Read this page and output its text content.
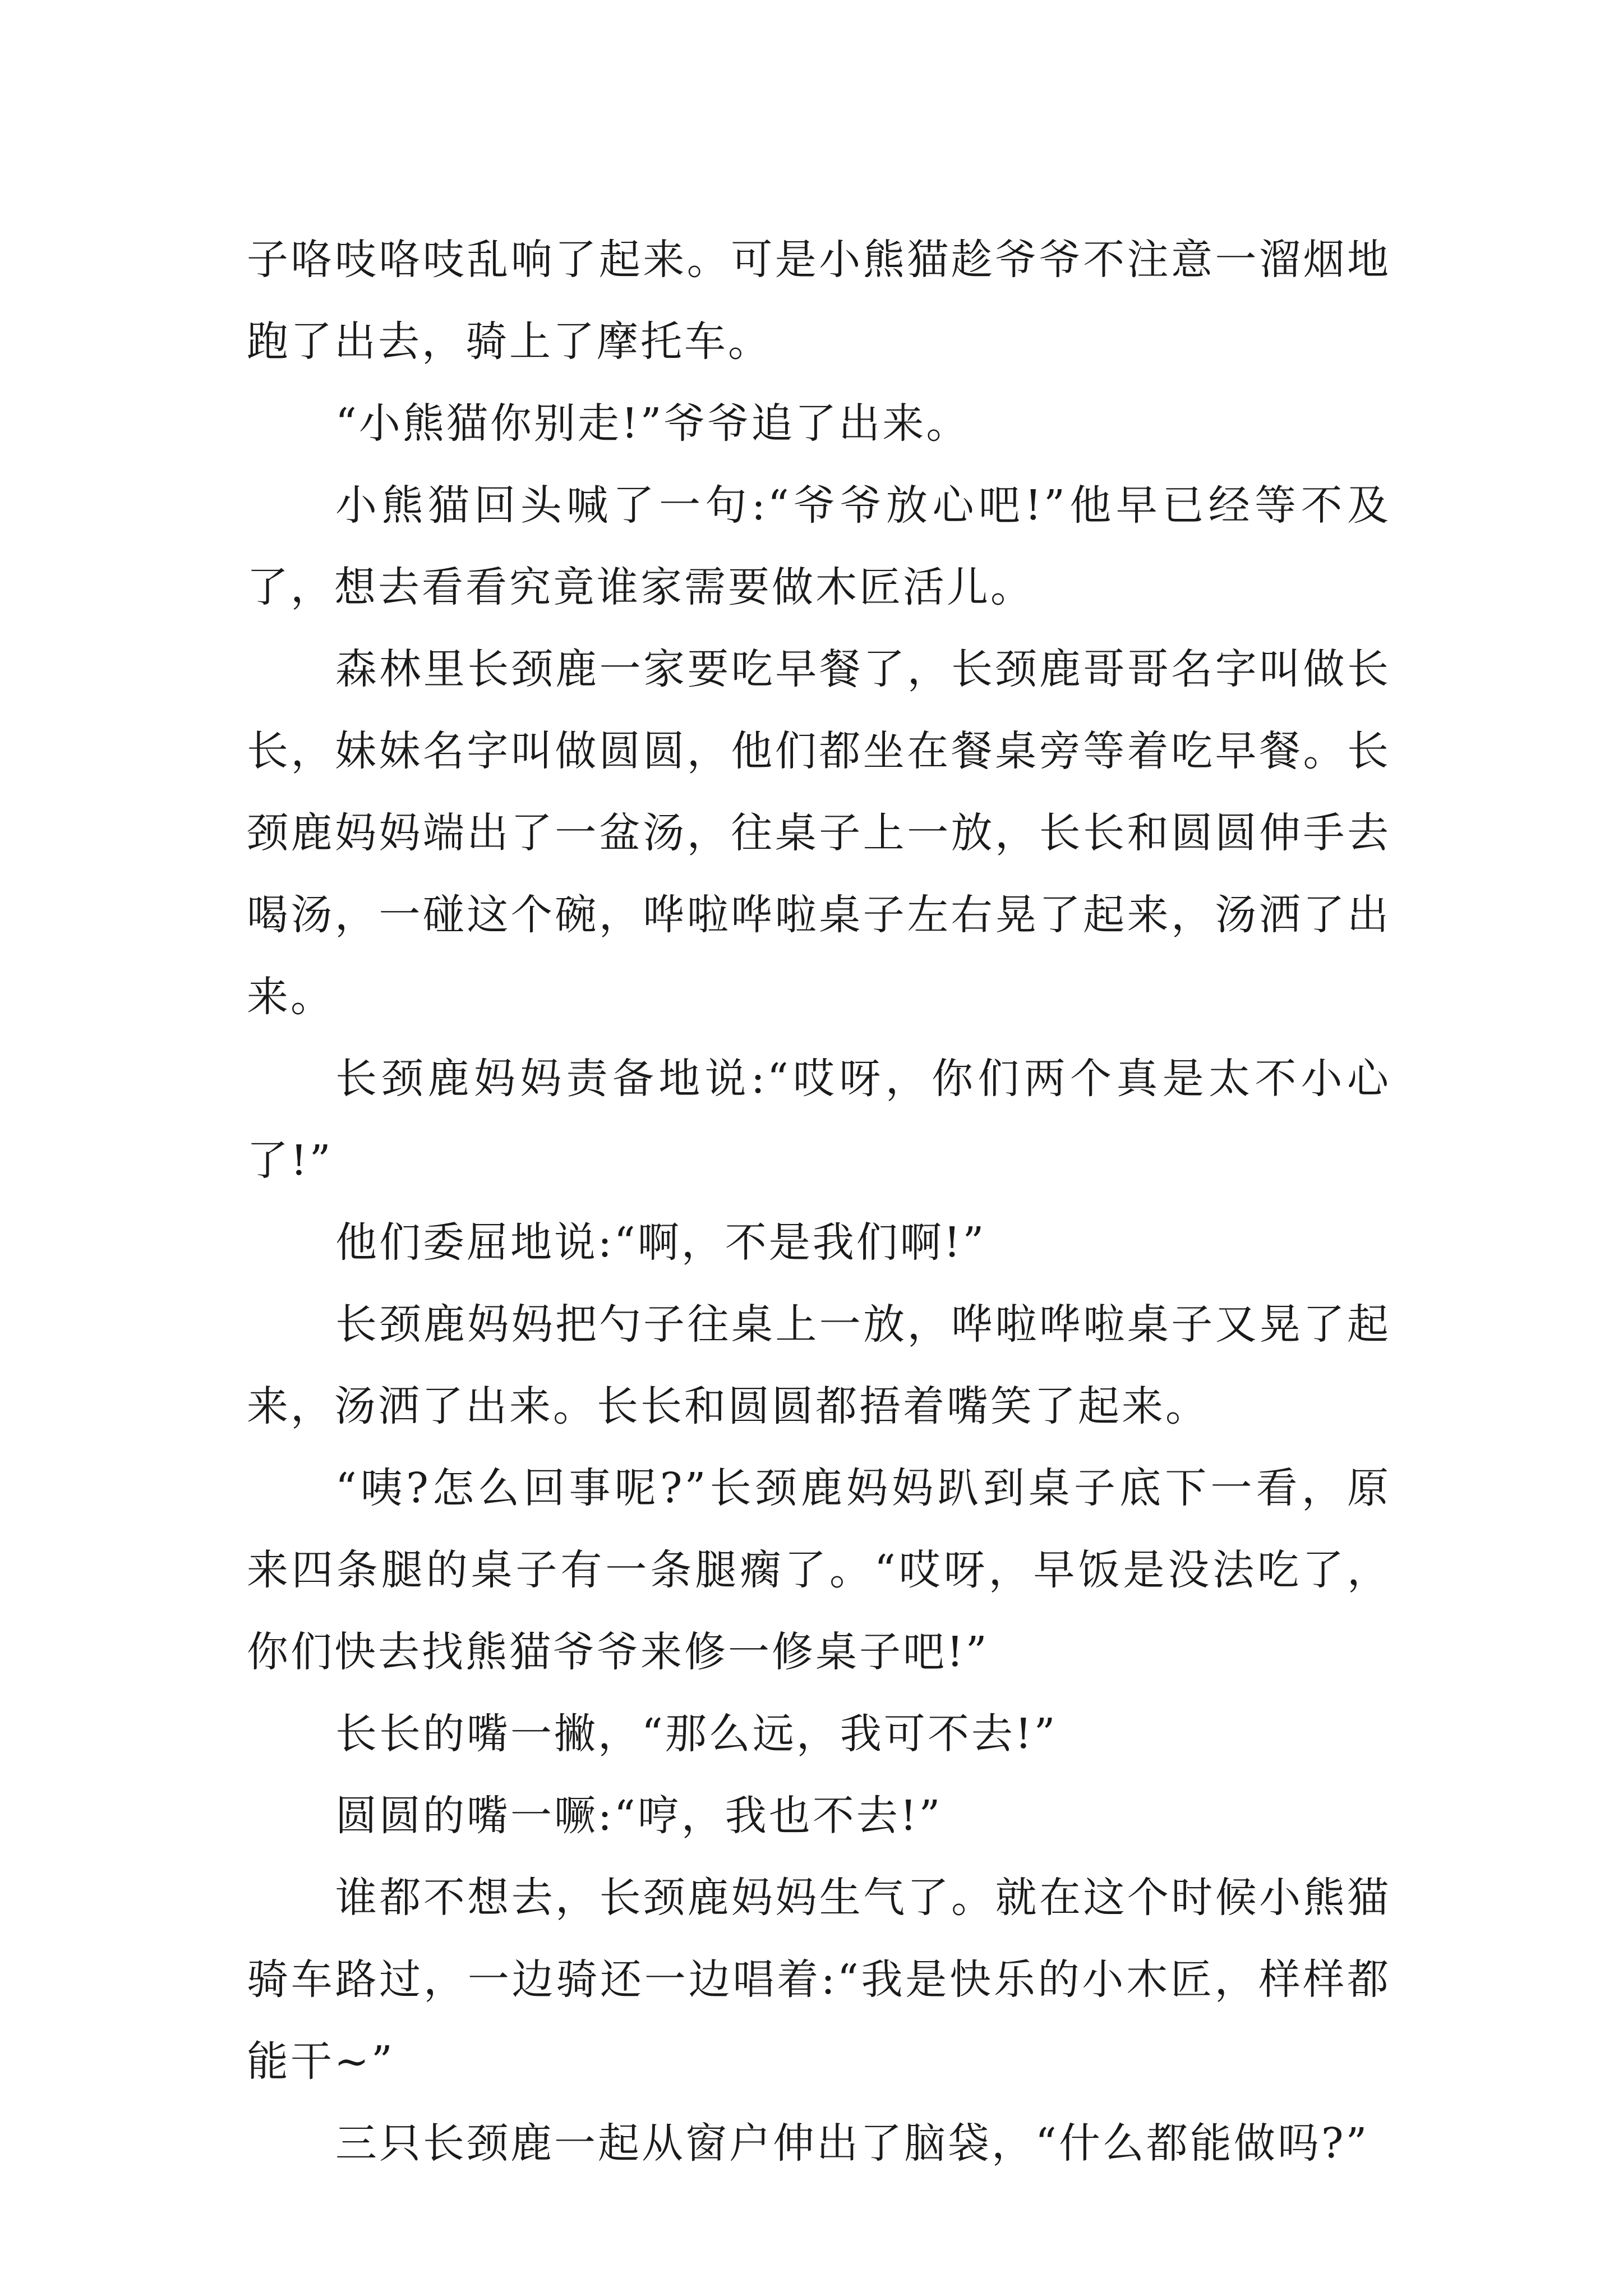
子咯吱咯吱乱响了起来。可是小熊猫趁爷爷不注意一溜烟地跑了出去，骑上了摩托车。

“小熊猫你别走!”爷爷追了出来。

小熊猫回头喊了一句:“爷爷放心吧!”他早已经等不及了，想去看看究竟谁家需要做木匠活儿。

森林里长颈鹿一家要吃早餐了，长颈鹿哥哥名字叫做长长，妹妹名字叫做圆圆，他们都坐在餐桌旁等着吃早餐。长颈鹿妈妈端出了一盆汤，往桌子上一放，长长和圆圆伸手去喝汤，一碰这个碗，哗啦哗啦桌子左右晃了起来，汤洒了出来。

长颈鹿妈妈责备地说:“哎呀，你们两个真是太不小心了!”

他们委屈地说:“啊，不是我们啊!”

长颈鹿妈妈把勺子往桌上一放，哗啦哗啦桌子又晃了起来，汤洒了出来。长长和圆圆都捂着嘴笑了起来。

“咦?怎么回事呢?”长颈鹿妈妈趴到桌子底下一看，原来四条腿的桌子有一条腿瘸了。“哎呀，早饭是没法吃了，你们快去找熊猫爷爷来修一修桌子吧!”

长长的嘴一撇，“那么远，我可不去!”

圆圆的嘴一噘:“哼，我也不去!”

谁都不想去，长颈鹿妈妈生气了。就在这个时候小熊猫骑车路过，一边骑还一边唱着:“我是快乐的小木匠，样样都能干~”

三只长颈鹿一起从窗户伸出了脑袋，“什么都能做吗?”
